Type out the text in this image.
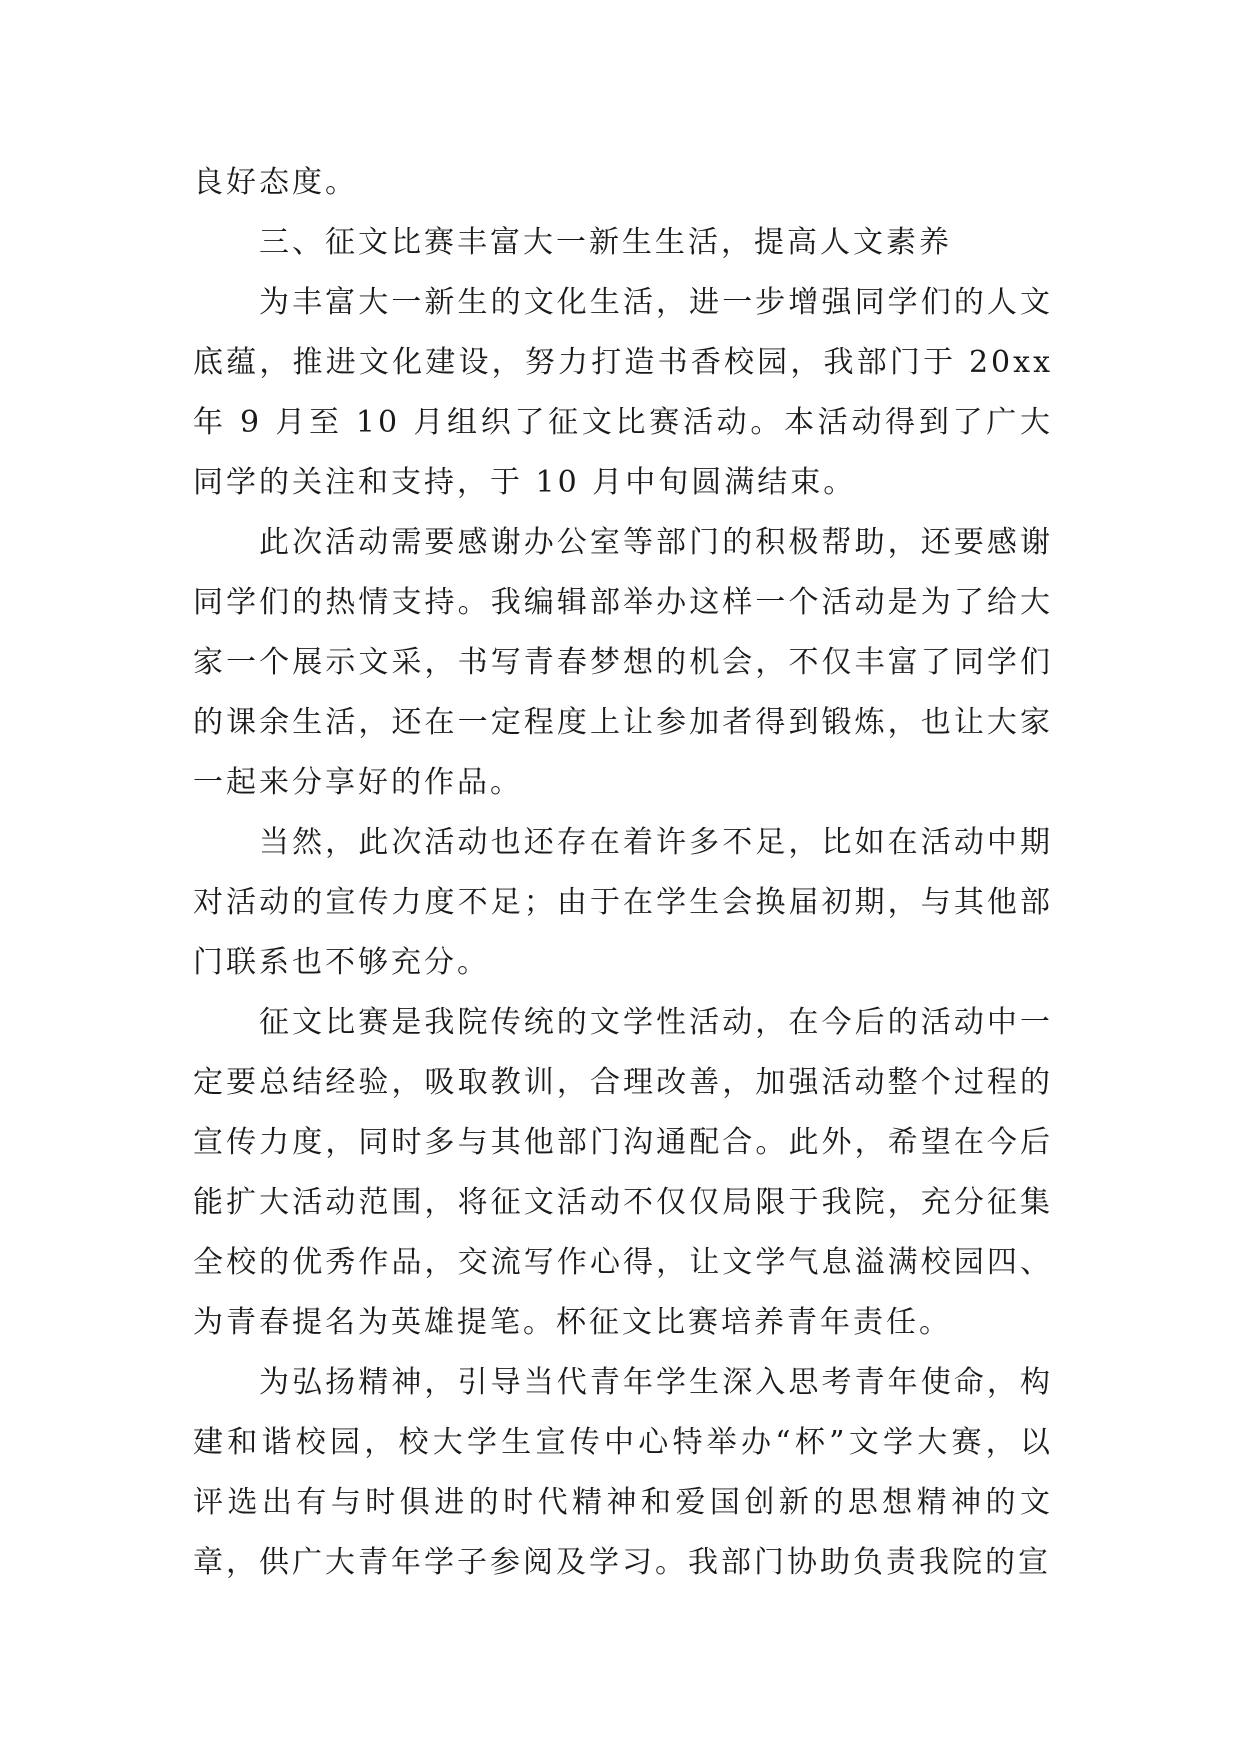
良好态度。

三、征文比赛丰富大一新生生活，提高人文素养

为丰富大一新生的文化生活，进一步增强同学们的人文底蕴，推进文化建设，努力打造书香校园，我部门于 20xx 年 9 月至 10 月组织了征文比赛活动。本活动得到了广大同学的关注和支持，于 10 月中旬圆满结束。

此次活动需要感谢办公室等部门的积极帮助，还要感谢同学们的热情支持。我编辑部举办这样一个活动是为了给大家一个展示文采，书写青春梦想的机会，不仅丰富了同学们的课余生活，还在一定程度上让参加者得到锻炼，也让大家一起来分享好的作品。

当然，此次活动也还存在着许多不足，比如在活动中期对活动的宣传力度不足；由于在学生会换届初期，与其他部门联系也不够充分。

征文比赛是我院传统的文学性活动，在今后的活动中一定要总结经验，吸取教训，合理改善，加强活动整个过程的宣传力度，同时多与其他部门沟通配合。此外，希望在今后能扩大活动范围，将征文活动不仅仅局限于我院，充分征集全校的优秀作品，交流写作心得，让文学气息溢满校园四、为青春提名为英雄提笔。杯征文比赛培养青年责任。

为弘扬精神，引导当代青年学生深入思考青年使命，构建和谐校园，校大学生宣传中心特举办“杯”文学大赛，以评选出有与时俱进的时代精神和爱国创新的思想精神的文章，供广大青年学子参阅及学习。我部门协助负责我院的宣
